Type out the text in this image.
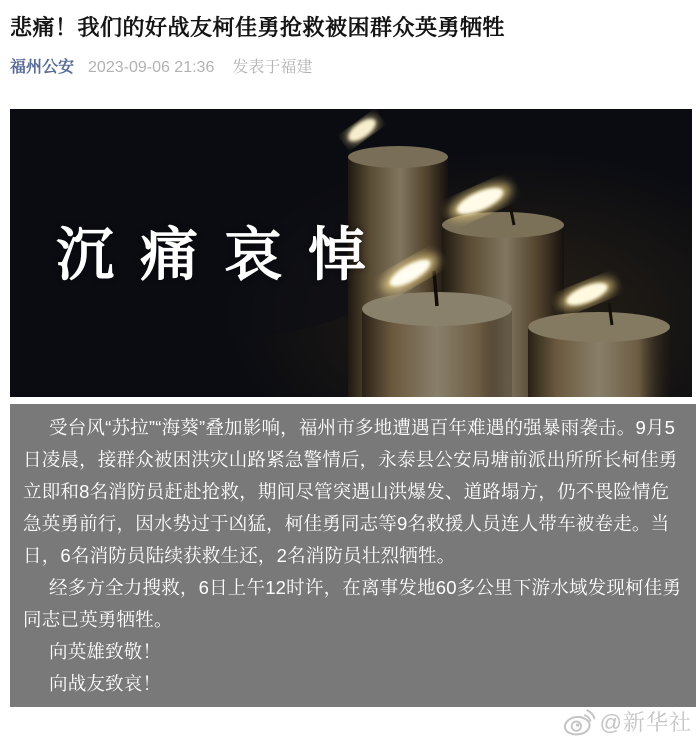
悲痛！我们的好战友柯佳勇抢救被困群众英勇牺牲
福州公安 2023-09-06 21:36 发表于福建
沉痛哀悼

受台风“苏拉”“海葵”叠加影响，福州市多地遭遇百年难遇的强暴雨袭击。9月5日凌晨，接群众被困洪灾山路紧急警情后，永泰县公安局塘前派出所所长柯佳勇立即和8名消防员赶赴抢救，期间尽管突遇山洪爆发、道路塌方，仍不畏险情危急英勇前行，因水势过于凶猛，柯佳勇同志等9名救援人员连人带车被卷走。当日，6名消防员陆续获救生还，2名消防员壮烈牺牲。

经多方全力搜救，6日上午12时许，在离事发地60多公里下游水域发现柯佳勇同志已英勇牺牲。

向英雄致敬！

向战友致哀！

@新华社
